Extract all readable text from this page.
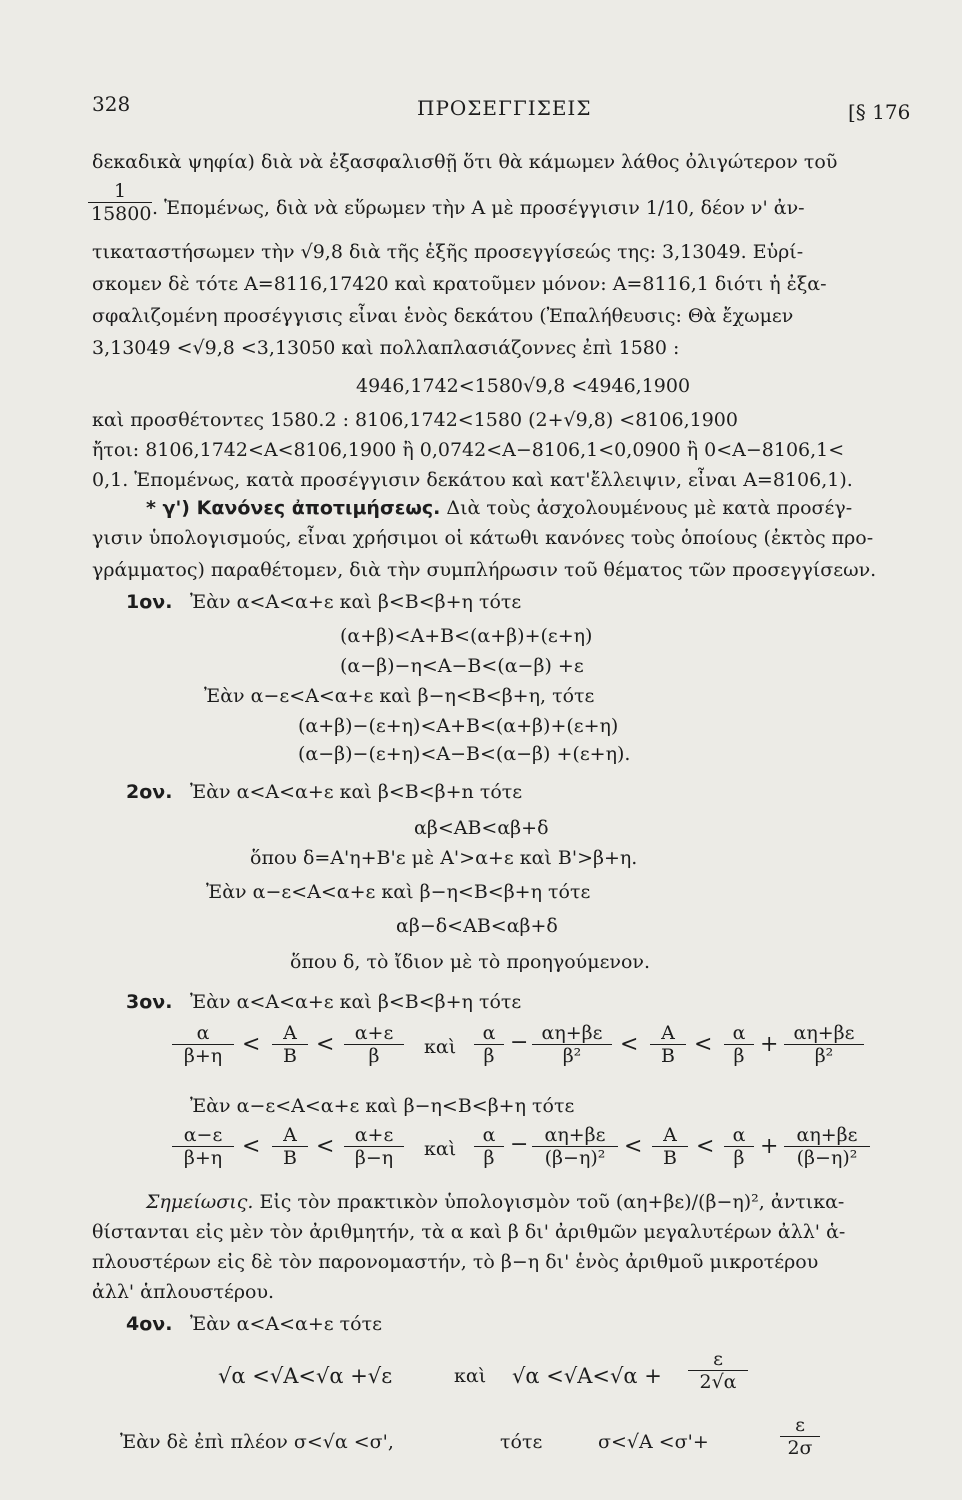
328	ΠΡΟΣΕΓΓΙΣΕΙΣ	[§ 176
δεκαδικὰ ψηφία) διὰ νὰ ἐξασφαλισθῇ ὅτι θὰ κάμωμεν λάθος ὀλιγώτερον τοῦ
$\frac{1}{15800}$ . Ἑπομένως, διὰ νὰ εὕρωμεν τὴν Α μὲ προσέγγισιν 1/10, δέον ν' ἀν-
τικαταστήσωμεν τὴν √9,8 διὰ τῆς ἑξῆς προσεγγίσεώς της: 3,13049. Εὑρί-
σκομεν δὲ τότε Α=8116,17420 καὶ κρατοῦμεν μόνον: Α=8116,1 διότι ἡ ἐξα-
σφαλιζομένη προσέγγισις εἶναι ἑνὸς δεκάτου (Ἐπαλήθευσις: Θὰ ἔχωμεν
3,13049 <√9,8 <3,13050 καὶ πολλαπλασιάζοννες ἐπὶ 1580 :
4946,1742<1580√9,8 <4946,1900
καὶ προσθέτοντες 1580.2 : 8106,1742<1580 (2+√9,8) <8106,1900
ἤτοι: 8106,1742<Α<8106,1900 ἢ 0,0742<Α−8106,1<0,0900 ἢ 0<Α−8106,1<
0,1. Ἑπομένως, κατὰ προσέγγισιν δεκάτου καὶ κατ'ἔλλειψιν, εἶναι Α=8106,1).
* γ') Κανόνες ἀποτιμήσεως. Διὰ τοὺς ἀσχολουμένους μὲ κατὰ προσέγ-
γισιν ὑπολογισμούς, εἶναι χρήσιμοι οἱ κάτωθι κανόνες τοὺς ὁποίους (ἐκτὸς προ-
γράμματος) παραθέτομεν, διὰ τὴν συμπλήρωσιν τοῦ θέματος τῶν προσεγγίσεων.
1ον. Ἐὰν α<Α<α+ε καὶ β<Β<β+η τότε
(α+β)<Α+Β<(α+β)+(ε+η)
(α−β)−η<Α−Β<(α−β) +ε
Ἐὰν α−ε<Α<α+ε καὶ β−η<Β<β+η, τότε
(α+β)−(ε+η)<Α+Β<(α+β)+(ε+η)
(α−β)−(ε+η)<Α−Β<(α−β) +(ε+η).
2ον. Ἐὰν α<Α<α+ε καὶ β<Β<β+n τότε
αβ<ΑΒ<αβ+δ
ὅπου δ=Α'η+Β'ε μὲ Α'>α+ε καὶ Β'>β+η.
Ἐὰν α−ε<Α<α+ε καὶ β−η<Β<β+η τότε
αβ−δ<ΑΒ<αβ+δ
ὅπου δ, τὸ ἴδιον μὲ τὸ προηγούμενον.
3ον. Ἐὰν α<Α<α+ε καὶ β<Β<β+η τότε
$\frac{\alpha}{\beta+\eta} < \frac{A}{B} < \frac{\alpha+\varepsilon}{\beta}$ καὶ $\frac{\alpha}{\beta} - \frac{\alpha\eta+\beta\varepsilon}{\text{β²}} < \frac{A}{B} < \frac{\alpha}{\beta} + \frac{\alpha\eta+\beta\varepsilon}{\text{β²}}$
Ἐὰν α−ε<Α<α+ε καὶ β−η<Β<β+η τότε
$\frac{\alpha-\varepsilon}{\beta+\eta} < \frac{A}{B} < \frac{\alpha+\varepsilon}{\beta-\eta}$ καὶ $\frac{\alpha}{\beta} - \frac{\alpha\eta+\beta\varepsilon}{\text{(β−η)²}} < \frac{A}{B} < \frac{\alpha}{\beta} + \frac{\alpha\eta+\beta\varepsilon}{\text{(β−η)²}}$
Σημείωσις. Εἰς τὸν πρακτικὸν ὑπολογισμὸν τοῦ (αη+βε)/(β−η)², ἀντικα-
θίστανται εἰς μὲν τὸν ἀριθμητήν, τὰ α καὶ β δι' ἀριθμῶν μεγαλυτέρων ἀλλ' ἁ-
πλουστέρων εἰς δὲ τὸν παρονομαστήν, τὸ β−η δι' ἑνὸς ἀριθμοῦ μικροτέρου
ἀλλ' ἁπλουστέρου.
4ον. Ἐὰν α<Α<α+ε τότε
√α <√Α<√α +√ε	καὶ $√\alpha <√A<√\alpha + \frac{\varepsilon}{2√\alpha}$
Ἐὰν δὲ ἐπὶ πλέον σ<√α <σ',	τότε	σ<√Α <σ'+	$\frac{\varepsilon}{2\sigma}$
